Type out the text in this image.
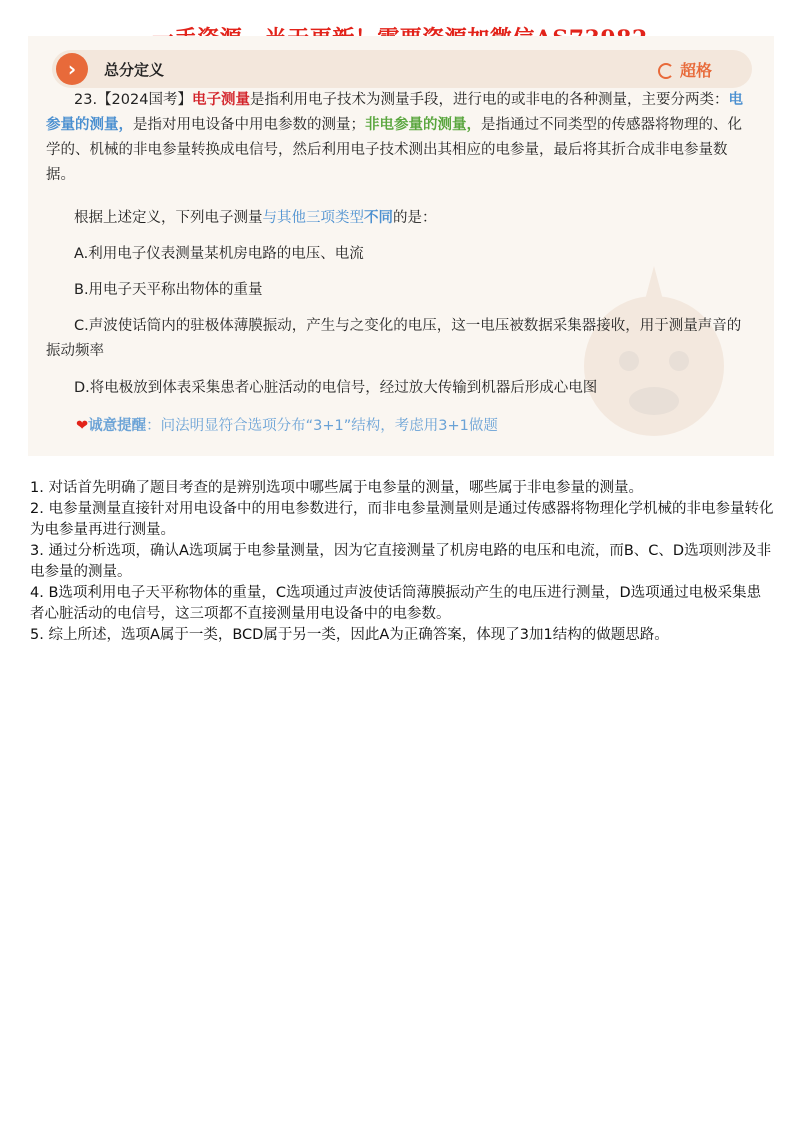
›	总分定义	超格
23.【2024国考】电子测量是指利用电子技术为测量手段，进行电的或非电的各种测量，主要分两类：电参量的测量，是指对用电设备中用电参数的测量；非电参量的测量，是指通过不同类型的传感器将物理的、化学的、机械的非电参量转换成电信号，然后利用电子技术测出其相应的电参量，最后将其折合成非电参量数据。
根据上述定义，下列电子测量与其他三项类型不同的是：
A.利用电子仪表测量某机房电路的电压、电流
B.用电子天平称出物体的重量
C.声波使话筒内的驻极体薄膜振动，产生与之变化的电压，这一电压被数据采集器接收，用于测量声音的振动频率
D.将电极放到体表采集患者心脏活动的电信号，经过放大传输到机器后形成心电图
❤诚意提醒：问法明显符合选项分布“3+1”结构，考虑用3+1做题

1. 对话首先明确了题目考查的是辨别选项中哪些属于电参量的测量，哪些属于非电参量的测量。

2. 电参量测量直接针对用电设备中的用电参数进行，而非电参量测量则是通过传感器将物理化学机械的非电参量转化为电参量再进行测量。

3. 通过分析选项，确认A选项属于电参量测量，因为它直接测量了机房电路的电压和电流，而B、C、D选项则涉及非电参量的测量。

4. B选项利用电子天平称物体的重量，C选项通过声波使话筒薄膜振动产生的电压进行测量，D选项通过电极采集患者心脏活动的电信号，这三项都不直接测量用电设备中的电参数。

5. 综上所述，选项A属于一类，BCD属于另一类，因此A为正确答案，体现了3加1结构的做题思路。
